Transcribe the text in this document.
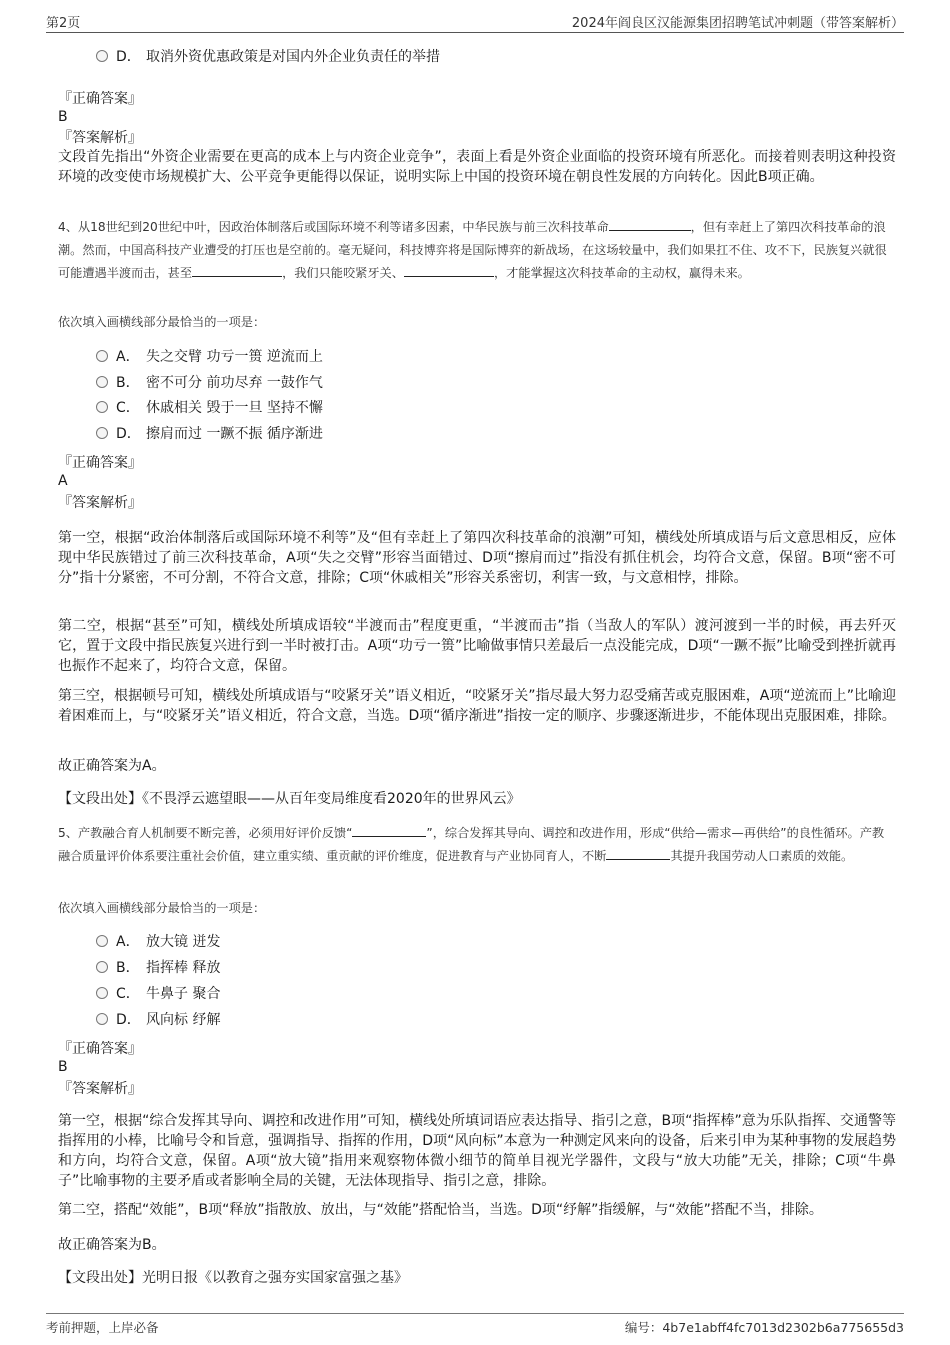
第2页	2024年阎良区汉能源集团招聘笔试冲刺题（带答案解析）
D． 取消外资优惠政策是对国内外企业负责任的举措
『正确答案』
B
『答案解析』
文段首先指出“外资企业需要在更高的成本上与内资企业竞争”，表面上看是外资企业面临的投资环境有所恶化。而接着则表明这种投资环境的改变使市场规模扩大、公平竞争更能得以保证，说明实际上中国的投资环境在朝良性发展的方向转化。因此B项正确。
4、从18世纪到20世纪中叶，因政治体制落后或国际环境不利等诸多因素，中华民族与前三次科技革命	，但有幸赶上了第四次科技革命的浪潮。然而，中国高科技产业遭受的打压也是空前的。毫无疑问，科技博弈将是国际博弈的新战场，在这场较量中，我们如果扛不住、攻不下，民族复兴就很可能遭遇半渡而击，甚至	，我们只能咬紧牙关、	，才能掌握这次科技革命的主动权，赢得未来。
依次填入画横线部分最恰当的一项是：
A． 失之交臂 功亏一篑 逆流而上
B． 密不可分 前功尽弃 一鼓作气
C． 休戚相关 毁于一旦 坚持不懈
D． 擦肩而过 一蹶不振 循序渐进
『正确答案』
A
『答案解析』
第一空，根据“政治体制落后或国际环境不利等”及“但有幸赶上了第四次科技革命的浪潮”可知，横线处所填成语与后文意思相反，应体现中华民族错过了前三次科技革命，A项“失之交臂”形容当面错过、D项“擦肩而过”指没有抓住机会，均符合文意，保留。B项“密不可分”指十分紧密，不可分割，不符合文意，排除；C项“休戚相关”形容关系密切，利害一致，与文意相悖，排除。
第二空，根据“甚至”可知，横线处所填成语较“半渡而击”程度更重，“半渡而击”指（当敌人的军队）渡河渡到一半的时候，再去歼灭它，置于文段中指民族复兴进行到一半时被打击。A项“功亏一篑”比喻做事情只差最后一点没能完成，D项“一蹶不振”比喻受到挫折就再也振作不起来了，均符合文意，保留。
第三空，根据顿号可知，横线处所填成语与“咬紧牙关”语义相近，“咬紧牙关”指尽最大努力忍受痛苦或克服困难，A项“逆流而上”比喻迎着困难而上，与“咬紧牙关”语义相近，符合文意，当选。D项“循序渐进”指按一定的顺序、步骤逐渐进步，不能体现出克服困难，排除。
故正确答案为A。
【文段出处】《不畏浮云遮望眼——从百年变局维度看2020年的世界风云》
5、产教融合育人机制要不断完善，必须用好评价反馈“	”，综合发挥其导向、调控和改进作用，形成“供给—需求—再供给”的良性循环。产教融合质量评价体系要注重社会价值，建立重实绩、重贡献的评价维度，促进教育与产业协同育人，不断	其提升我国劳动人口素质的效能。
依次填入画横线部分最恰当的一项是：
A． 放大镜 迸发
B． 指挥棒 释放
C． 牛鼻子 聚合
D． 风向标 纾解
『正确答案』
B
『答案解析』
第一空，根据“综合发挥其导向、调控和改进作用”可知，横线处所填词语应表达指导、指引之意，B项“指挥棒”意为乐队指挥、交通警等指挥用的小棒，比喻号令和旨意，强调指导、指挥的作用，D项“风向标”本意为一种测定风来向的设备，后来引申为某种事物的发展趋势和方向，均符合文意，保留。A项“放大镜”指用来观察物体微小细节的简单目视光学器件，文段与“放大功能”无关，排除；C项“牛鼻子”比喻事物的主要矛盾或者影响全局的关键，无法体现指导、指引之意，排除。
第二空，搭配“效能”，B项“释放”指散放、放出，与“效能”搭配恰当，当选。D项“纾解”指缓解，与“效能”搭配不当，排除。
故正确答案为B。
【文段出处】光明日报《以教育之强夯实国家富强之基》
考前押题，上岸必备	编号：4b7e1abff4fc7013d2302b6a775655d3
